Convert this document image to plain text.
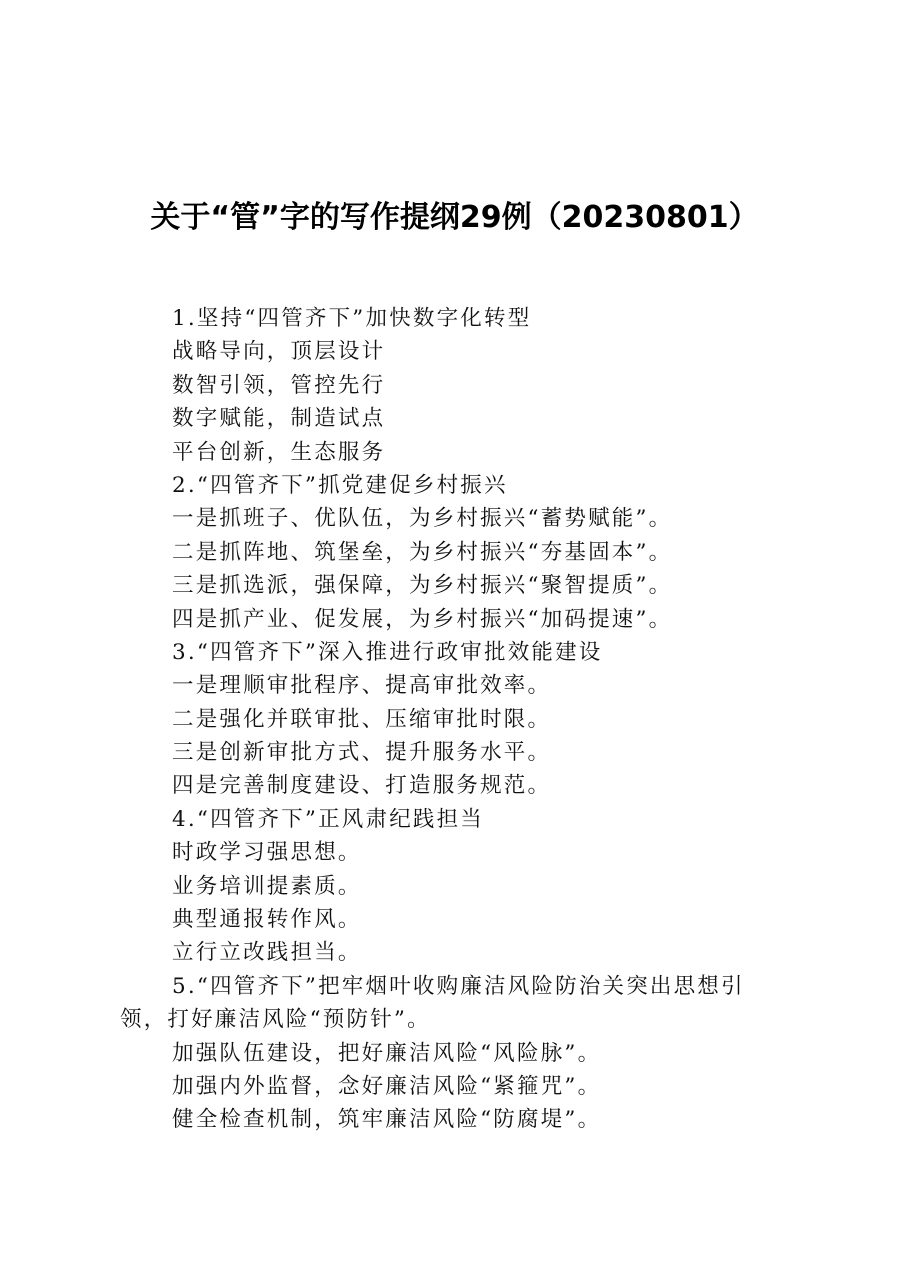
关于“管”字的写作提纲29例（20230801）
1.坚持“四管齐下”加快数字化转型
战略导向，顶层设计
数智引领，管控先行
数字赋能，制造试点
平台创新，生态服务
2.“四管齐下”抓党建促乡村振兴
一是抓班子、优队伍，为乡村振兴“蓄势赋能”。
二是抓阵地、筑堡垒，为乡村振兴“夯基固本”。
三是抓选派，强保障，为乡村振兴“聚智提质”。
四是抓产业、促发展，为乡村振兴“加码提速”。
3.“四管齐下”深入推进行政审批效能建设
一是理顺审批程序、提高审批效率。
二是强化并联审批、压缩审批时限。
三是创新审批方式、提升服务水平。
四是完善制度建设、打造服务规范。
4.“四管齐下”正风肃纪践担当
时政学习强思想。
业务培训提素质。
典型通报转作风。
立行立改践担当。
5.“四管齐下”把牢烟叶收购廉洁风险防治关突出思想引
领，打好廉洁风险“预防针”。
加强队伍建设，把好廉洁风险“风险脉”。
加强内外监督，念好廉洁风险“紧箍咒”。
健全检查机制，筑牢廉洁风险“防腐堤”。
